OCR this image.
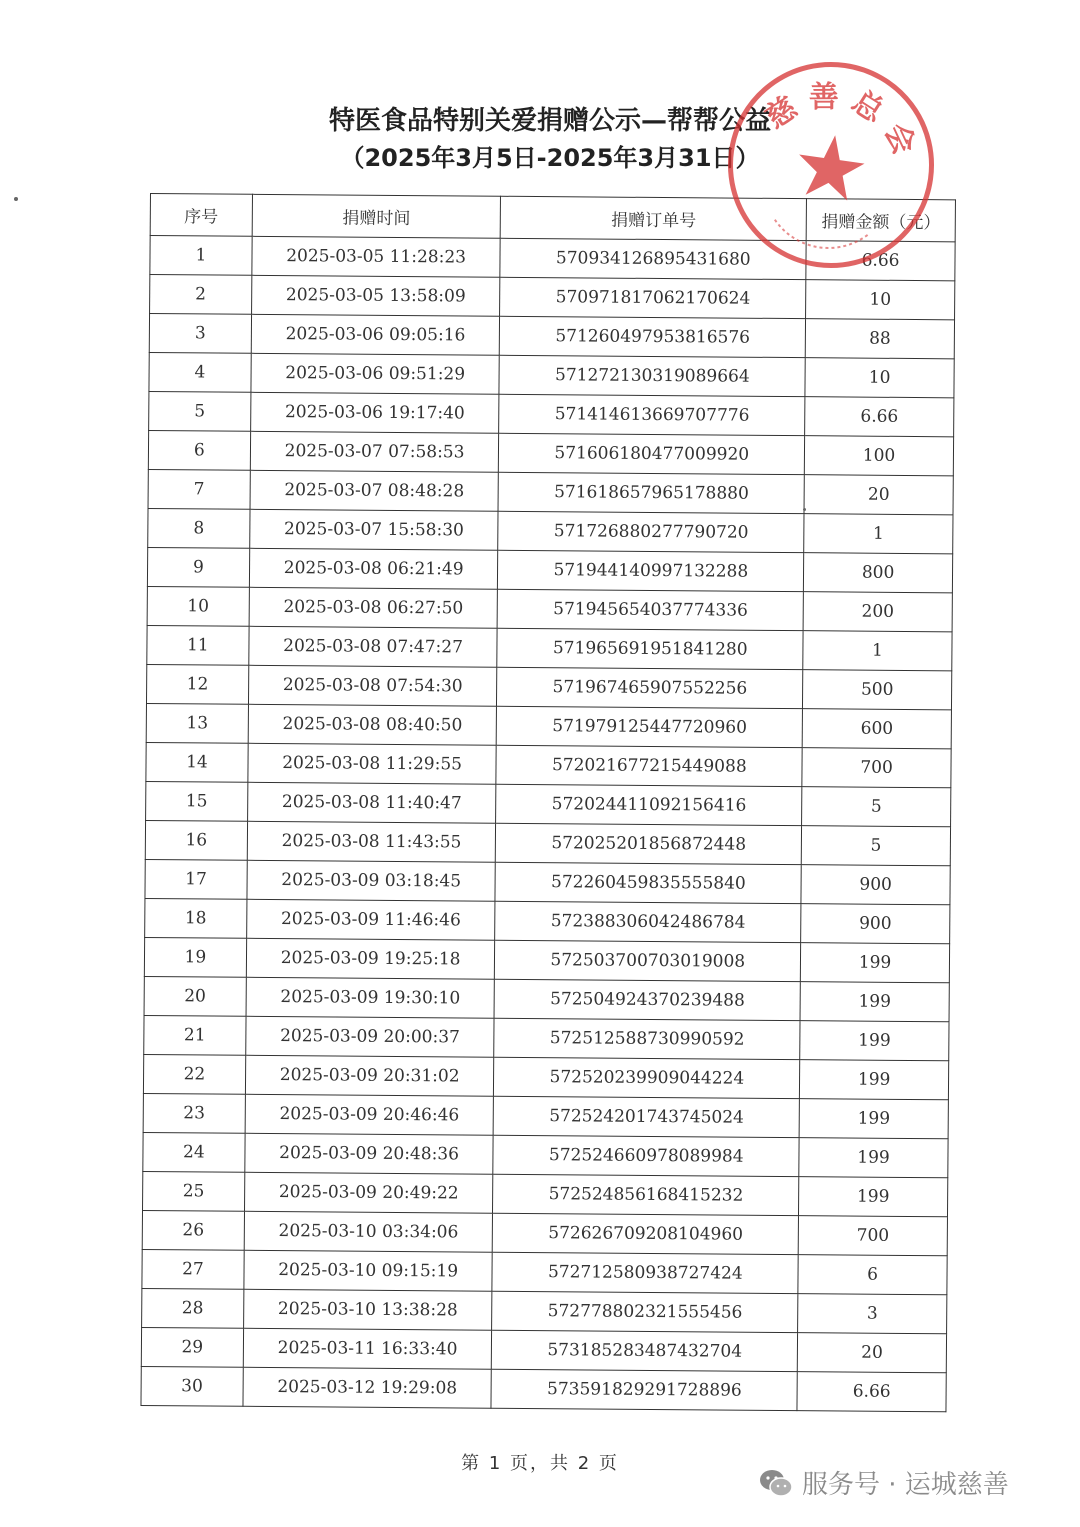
特医食品特别关爱捐赠公示—帮帮公益
（2025年3月5日-2025年3月31日）
序号	捐赠时间	捐赠订单号	捐赠金额（元）
1	2025-03-05 11:28:23	570934126895431680	6.66
2	2025-03-05 13:58:09	570971817062170624	10
3	2025-03-06 09:05:16	571260497953816576	88
4	2025-03-06 09:51:29	571272130319089664	10
5	2025-03-06 19:17:40	571414613669707776	6.66
6	2025-03-07 07:58:53	571606180477009920	100
7	2025-03-07 08:48:28	571618657965178880	20
8	2025-03-07 15:58:30	571726880277790720	1
9	2025-03-08 06:21:49	571944140997132288	800
10	2025-03-08 06:27:50	571945654037774336	200
11	2025-03-08 07:47:27	571965691951841280	1
12	2025-03-08 07:54:30	571967465907552256	500
13	2025-03-08 08:40:50	571979125447720960	600
14	2025-03-08 11:29:55	572021677215449088	700
15	2025-03-08 11:40:47	572024411092156416	5
16	2025-03-08 11:43:55	572025201856872448	5
17	2025-03-09 03:18:45	572260459835555840	900
18	2025-03-09 11:46:46	572388306042486784	900
19	2025-03-09 19:25:18	572503700703019008	199
20	2025-03-09 19:30:10	572504924370239488	199
21	2025-03-09 20:00:37	572512588730990592	199
22	2025-03-09 20:31:02	572520239909044224	199
23	2025-03-09 20:46:46	572524201743745024	199
24	2025-03-09 20:48:36	572524660978089984	199
25	2025-03-09 20:49:22	572524856168415232	199
26	2025-03-10 03:34:06	572626709208104960	700
27	2025-03-10 09:15:19	572712580938727424	6
28	2025-03-10 13:38:28	572778802321555456	3
29	2025-03-11 16:33:40	573185283487432704	20
30	2025-03-12 19:29:08	573591829291728896	6.66
慈善总会
第 1 页，共 2 页
服务号 · 运城慈善
